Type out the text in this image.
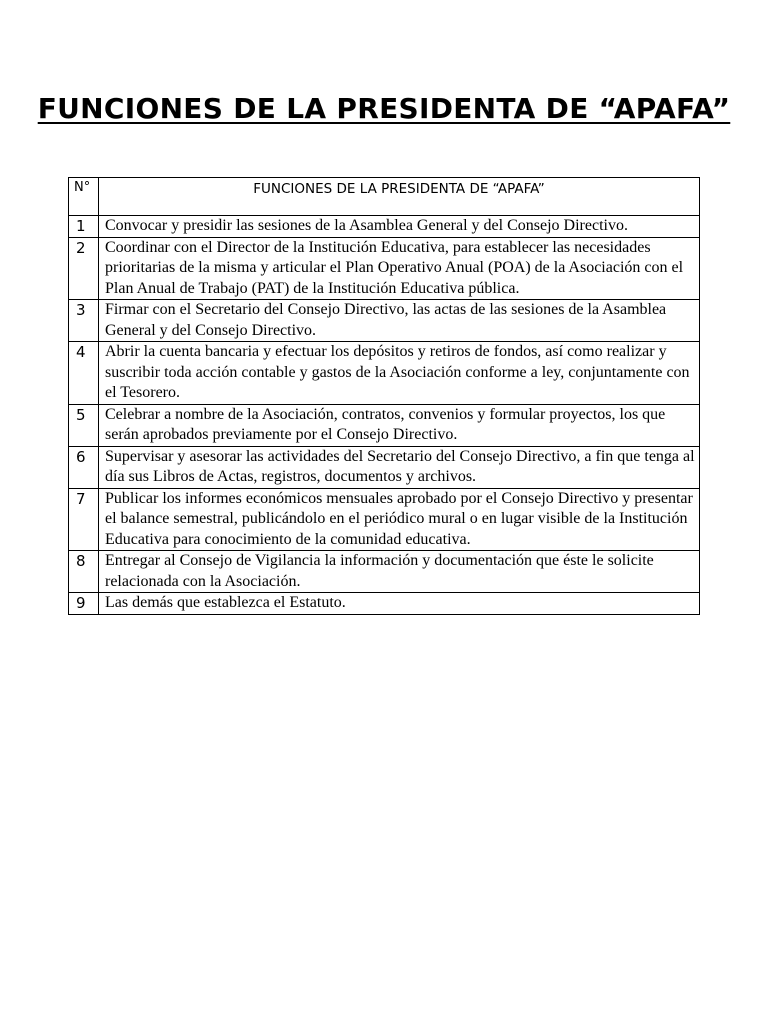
FUNCIONES DE LA PRESIDENTA DE “APAFA”
N°	FUNCIONES DE LA PRESIDENTA DE “APAFA”
1	Convocar y presidir las sesiones de la Asamblea General y del Consejo Directivo.
2	Coordinar con el Director de la Institución Educativa, para establecer las necesidades prioritarias de la misma y articular el Plan Operativo Anual (POA) de la Asociación con el Plan Anual de Trabajo (PAT) de la Institución Educativa pública.
3	Firmar con el Secretario del Consejo Directivo, las actas de las sesiones de la Asamblea General y del Consejo Directivo.
4	Abrir la cuenta bancaria y efectuar los depósitos y retiros de fondos, así como realizar y suscribir toda acción contable y gastos de la Asociación conforme a ley, conjuntamente con el Tesorero.
5	Celebrar a nombre de la Asociación, contratos, convenios y formular proyectos, los que serán aprobados previamente por el Consejo Directivo.
6	Supervisar y asesorar las actividades del Secretario del Consejo Directivo, a fin que tenga al día sus Libros de Actas, registros, documentos y archivos.
7	Publicar los informes económicos mensuales aprobado por el Consejo Directivo y presentar el balance semestral, publicándolo en el periódico mural o en lugar visible de la Institución Educativa para conocimiento de la comunidad educativa.
8	Entregar al Consejo de Vigilancia la información y documentación que éste le solicite relacionada con la Asociación.
9	Las demás que establezca el Estatuto.
